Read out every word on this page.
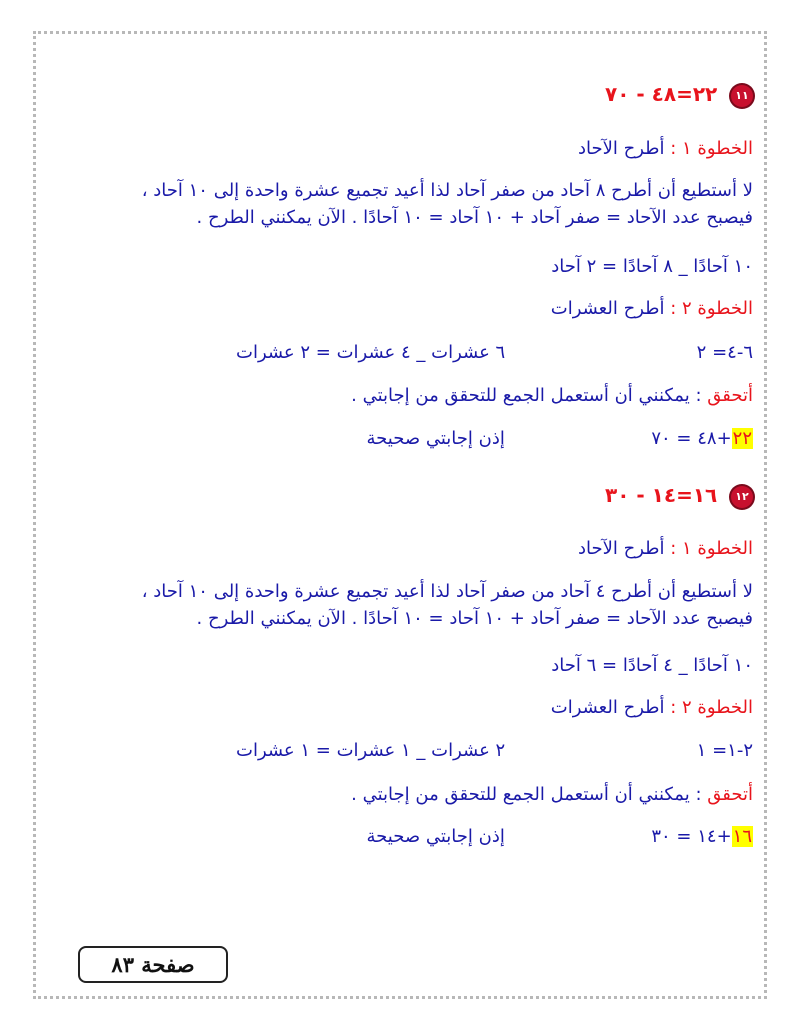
١١ ٢٢=٤٨ - ٧٠
الخطوة ١ : أطرح الآحاد
لا أستطيع أن أطرح ٨ آحاد من صفر آحاد لذا أعيد تجميع عشرة واحدة إلى ١٠ آحاد ،
فيصبح عدد الآحاد = صفر آحاد + ١٠ آحاد = ١٠ آحادًا . الآن يمكنني الطرح .
١٠ آحادًا _ ٨ آحادًا = ٢ آحاد
الخطوة ٢ : أطرح العشرات
٦-٤= ٢  ٦ عشرات _ ٤ عشرات = ٢ عشرات
أتحقق : يمكنني أن أستعمل الجمع للتحقق من إجابتي .
٢٢+٤٨ = ٧٠  إذن إجابتي صحيحة
١٢ ١٦=١٤ - ٣٠
الخطوة ١ : أطرح الآحاد
لا أستطيع أن أطرح ٤ آحاد من صفر آحاد لذا أعيد تجميع عشرة واحدة إلى ١٠ آحاد ،
فيصبح عدد الآحاد = صفر آحاد + ١٠ آحاد = ١٠ آحادًا . الآن يمكنني الطرح .
١٠ آحادًا _ ٤ آحادًا = ٦ آحاد
الخطوة ٢ : أطرح العشرات
٢-١= ١  ٢ عشرات _ ١ عشرات = ١ عشرات
أتحقق : يمكنني أن أستعمل الجمع للتحقق من إجابتي .
١٦+١٤ = ٣٠  إذن إجابتي صحيحة
صفحة ٨٣
